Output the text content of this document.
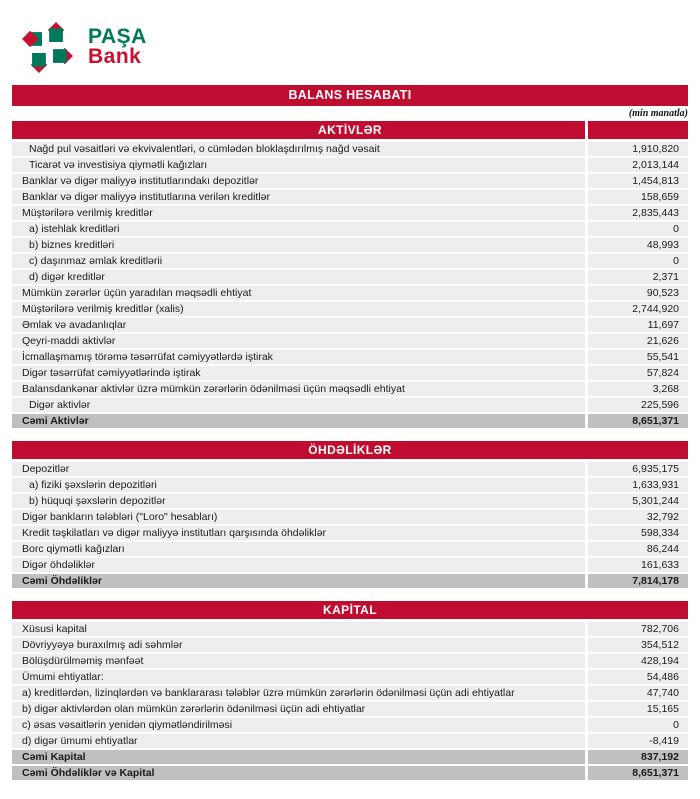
PAŞA
Bank
BALANS HESABATI
(min manatla)
AKTİVLƏR
Nağd pul vəsaitləri və ekvivalentləri, o cümlədən bloklaşdırılmış nağd vəsait	1,910,820
Ticarət və investisiya qiymətli kağızları	2,013,144
Banklar və digər maliyyə institutlarındakı depozitlər	1,454,813
Banklar və digər maliyyə institutlarına verilən kreditlər	158,659
Müştərilərə verilmiş kreditlər	2,835,443
a) istehlak kreditləri	0
b) biznes kreditləri	48,993
c) daşınmaz əmlak kreditlərii	0
d) digər kreditlər	2,371
Mümkün zərərlər üçün yaradılan məqsədli ehtiyat	90,523
Müştərilərə verilmiş kreditlər (xalis)	2,744,920
Əmlak və avadanlıqlar	11,697
Qeyri-maddi aktivlər	21,626
İcmallaşmamış törəmə təsərrüfat cəmiyyətlərdə iştirak	55,541
Digər təsərrüfat cəmiyyətlərində iştirak	57,824
Balansdankənar aktivlər üzrə mümkün zərərlərin ödənilməsi üçün məqsədli ehtiyat	3,268
Digər aktivlər	225,596
Cəmi Aktivlər	8,651,371
ÖHDƏLİKLƏR
Depozitlər	6,935,175
a) fiziki şəxslərin depozitləri	1,633,931
b) hüquqi şəxslərin depozitlər	5,301,244
Digər bankların tələbləri ("Loro" hesabları)	32,792
Kredit təşkilatları və digər maliyyə institutları qarşısında öhdəliklər	598,334
Borc qiymətli kağızları	86,244
Digər öhdəliklər	161,633
Cəmi Öhdəliklər	7,814,178
KAPİTAL
Xüsusi kapital	782,706
Dövriyyəyə buraxılmış adi səhmlər	354,512
Bölüşdürülməmiş mənfəət	428,194
Ümumi ehtiyatlar:	54,486
a) kreditlərdən, lizinqlərdən və banklararası tələblər üzrə mümkün zərərlərin ödənilməsi üçün adi ehtiyatlar	47,740
b) digər aktivlərdən olan mümkün zərərlərin ödənilməsi üçün adi ehtiyatlar	15,165
c) əsas vəsaitlərin yenidən qiymətləndirilməsi	0
d) digər ümumi ehtiyatlar	-8,419
Cəmi Kapital	837,192
Cəmi Öhdəliklər və Kapital	8,651,371
